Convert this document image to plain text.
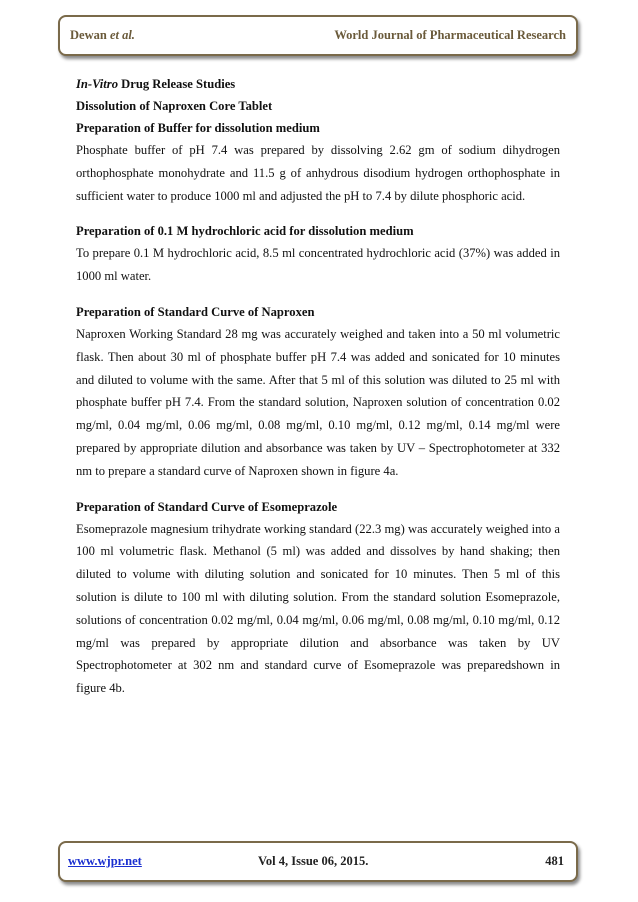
Dewan et al.	World Journal of Pharmaceutical Research

In-Vitro Drug Release Studies

Dissolution of Naproxen Core Tablet

Preparation of Buffer for dissolution medium

Phosphate buffer of pH 7.4 was prepared by dissolving 2.62 gm of sodium dihydrogen orthophosphate monohydrate and 11.5 g of anhydrous disodium hydrogen orthophosphate in sufficient water to produce 1000 ml and adjusted the pH to 7.4 by dilute phosphoric acid.

Preparation of 0.1 M hydrochloric acid for dissolution medium

To prepare 0.1 M hydrochloric acid, 8.5 ml concentrated hydrochloric acid (37%) was added in 1000 ml water.

Preparation of Standard Curve of Naproxen

Naproxen Working Standard 28 mg was accurately weighed and taken into a 50 ml volumetric flask. Then about 30 ml of phosphate buffer pH 7.4 was added and sonicated for 10 minutes and diluted to volume with the same. After that 5 ml of this solution was diluted to 25 ml with phosphate buffer pH 7.4. From the standard solution, Naproxen solution of concentration 0.02 mg/ml, 0.04 mg/ml, 0.06 mg/ml, 0.08 mg/ml, 0.10 mg/ml, 0.12 mg/ml, 0.14 mg/ml were prepared by appropriate dilution and absorbance was taken by UV – Spectrophotometer at 332 nm to prepare a standard curve of Naproxen shown in figure 4a.

Preparation of Standard Curve of Esomeprazole

Esomeprazole magnesium trihydrate working standard (22.3 mg) was accurately weighed into a 100 ml volumetric flask. Methanol (5 ml) was added and dissolves by hand shaking; then diluted to volume with diluting solution and sonicated for 10 minutes. Then 5 ml of this solution is dilute to 100 ml with diluting solution. From the standard solution Esomeprazole, solutions of concentration 0.02 mg/ml, 0.04 mg/ml, 0.06 mg/ml, 0.08 mg/ml, 0.10 mg/ml, 0.12 mg/ml was prepared by appropriate dilution and absorbance was taken by UV Spectrophotometer at 302 nm and standard curve of Esomeprazole was preparedshown in figure 4b.

www.wjpr.net	Vol 4, Issue 06, 2015.	481
